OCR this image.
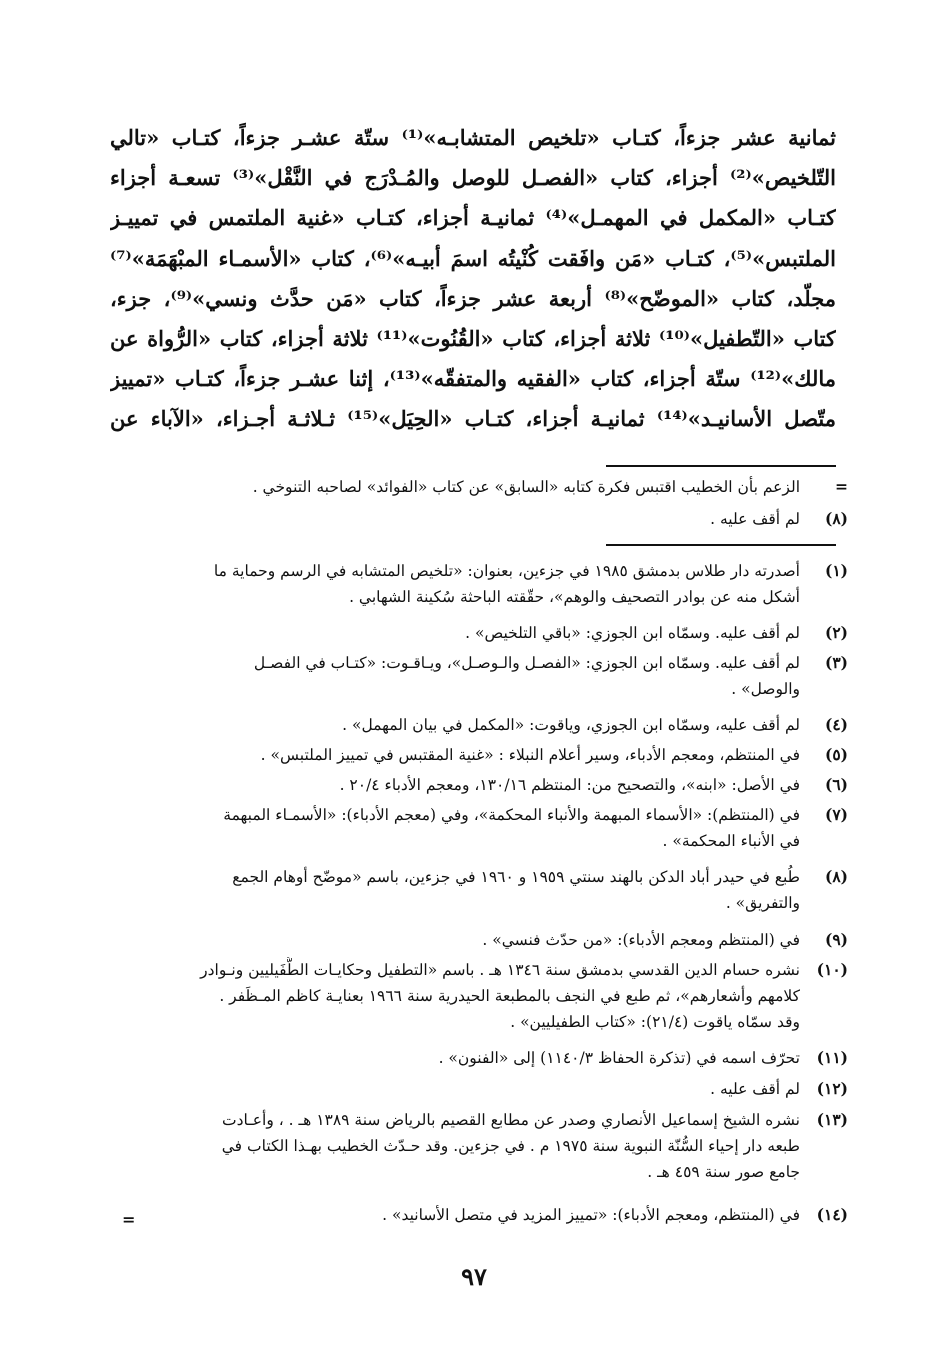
ثمانية عشر جزءاً، كتـاب «تلخيص المتشابـه»⁽¹⁾ ستّة عشـر جزءاً، كتـاب «تالي
التّلخيص»⁽²⁾ أجزاء، كتاب «الفصـل للوصل والمُـدْرَج في النَّقْل»⁽³⁾ تسعـة أجزاء
كتـاب «المكمل في المهمـل»⁽⁴⁾ ثمانيـة أجزاء، كتـاب «غنية الملتمس في تمييـز
الملتبس»⁽⁵⁾، كتـاب «مَن وافَقت كُنْيتُه اسمَ أبيـه»⁽⁶⁾، كتاب «الأسمـاء المبْهَمَة»⁽⁷⁾
مجلّد، كتاب «الموضّح»⁽⁸⁾ أربعة عشر جزءاً، كتاب «مَن حدَّث ونسي»⁽⁹⁾، جزء،
كتاب «التّطفيل»⁽¹⁰⁾ ثلاثة أجزاء، كتاب «القُنُوت»⁽¹¹⁾ ثلاثة أجزاء، كتاب «الرُّواة عن
مالك»⁽¹²⁾ ستّة أجزاء، كتاب «الفقيه والمتفقّه»⁽¹³⁾، إثنا عشـر جزءاً، كتـاب «تمييز
متّصل الأسانيـد»⁽¹⁴⁾ ثمانيـة أجزاء، كتـاب «الحِيَل»⁽¹⁵⁾ ثـلاثـة أجـزاء، «الآباء عن
=
الزعم بأن الخطيب اقتبس فكرة كتابه «السابق» عن كتاب «الفوائد» لصاحبه التنوخي .
(٨)
لم أقف عليه .
(١)
أصدرته دار طلاس بدمشق ١٩٨٥ في جزءين، بعنوان: «تلخيص المتشابه في الرسم وحماية ما
أشكل منه عن بوادر التصحيف والوهم»، حقّقته الباحثة سُكينة الشهابي .
(٢)
لم أقف عليه. وسمّاه ابن الجوزي: «باقي التلخيص» .
(٣)
لم أقف عليه. وسمّاه ابن الجوزي: «الفصـل والـوصـل»، ويـاقـوت: «كتـاب في الفصـل
والوصل» .
(٤)
لم أقف عليه، وسمّاه ابن الجوزي، وياقوت: «المكمل في بيان المهمل» .
(٥)
في المنتظم، ومعجم الأدباء، وسير أعلام النبلاء : «غنية المقتبس في تمييز الملتبس» .
(٦)
في الأصل: «ابنه»، والتصحيح من: المنتظم ١٣٠/١٦، ومعجم الأدباء ٢٠/٤ .
(٧)
في (المنتظم): «الأسماء المبهمة والأنباء المحكمة»، وفي (معجم الأدباء): «الأسمـاء المبهمة
في الأنباء المحكمة» .
(٨)
طُبع في حيدر أباد الدكن بالهند سنتي ١٩٥٩ و ١٩٦٠ في جزءين، باسم «موضّح أوهام الجمع
والتفريق» .
(٩)
في (المنتظم ومعجم الأدباء): «من حدّث فنسي» .
(١٠)
نشره حسام الدين القدسي بدمشق سنة ١٣٤٦ هـ . باسم «التطفيل وحكايـات الطُّفَيليين ونـوادر
كلامهم وأشعارهم»، ثم طبع في النجف بالمطبعة الحيدرية سنة ١٩٦٦ بعنايـة كاظم المـظَفر .
وقد سمّاه ياقوت (٢١/٤): «كتاب الطفيليين» .
(١١)
تحرّف اسمه في (تذكرة الحفاظ ١١٤٠/٣) إلى «الفنون» .
(١٢)
لم أقف عليه .
(١٣)
نشره الشيخ إسماعيل الأنصاري وصدر عن مطابع القصيم بالرياض سنة ١٣٨٩ هـ . ، وأعـادت
طبعه دار إحياء السُّنّة النبوية سنة ١٩٧٥ م . في جزءين. وقد حـدّث الخطيب بهـذا الكتاب في
جامع صور سنة ٤٥٩ هـ .
(١٤)
في (المنتظم، ومعجم الأدباء): «تمييز المزيد في متصل الأسانيد» .
=
٩٧
